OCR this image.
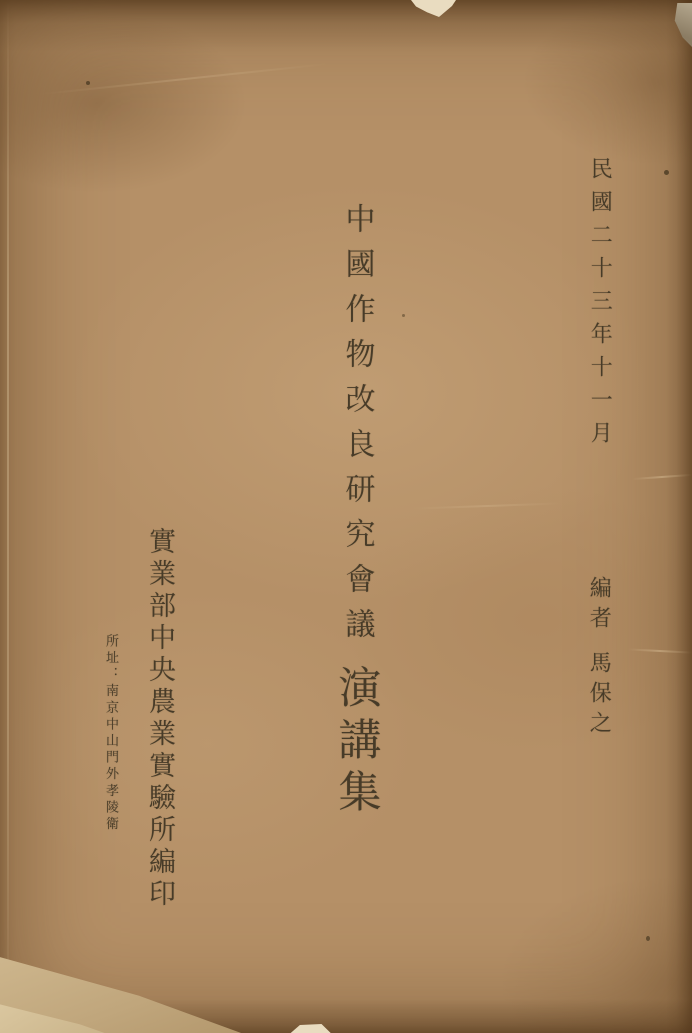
民國二十三年十一月
中國作物改良研究會議演講集
編者馬保之
實業部中央農業實驗所編印
所址：南京中山門外孝陵衛
